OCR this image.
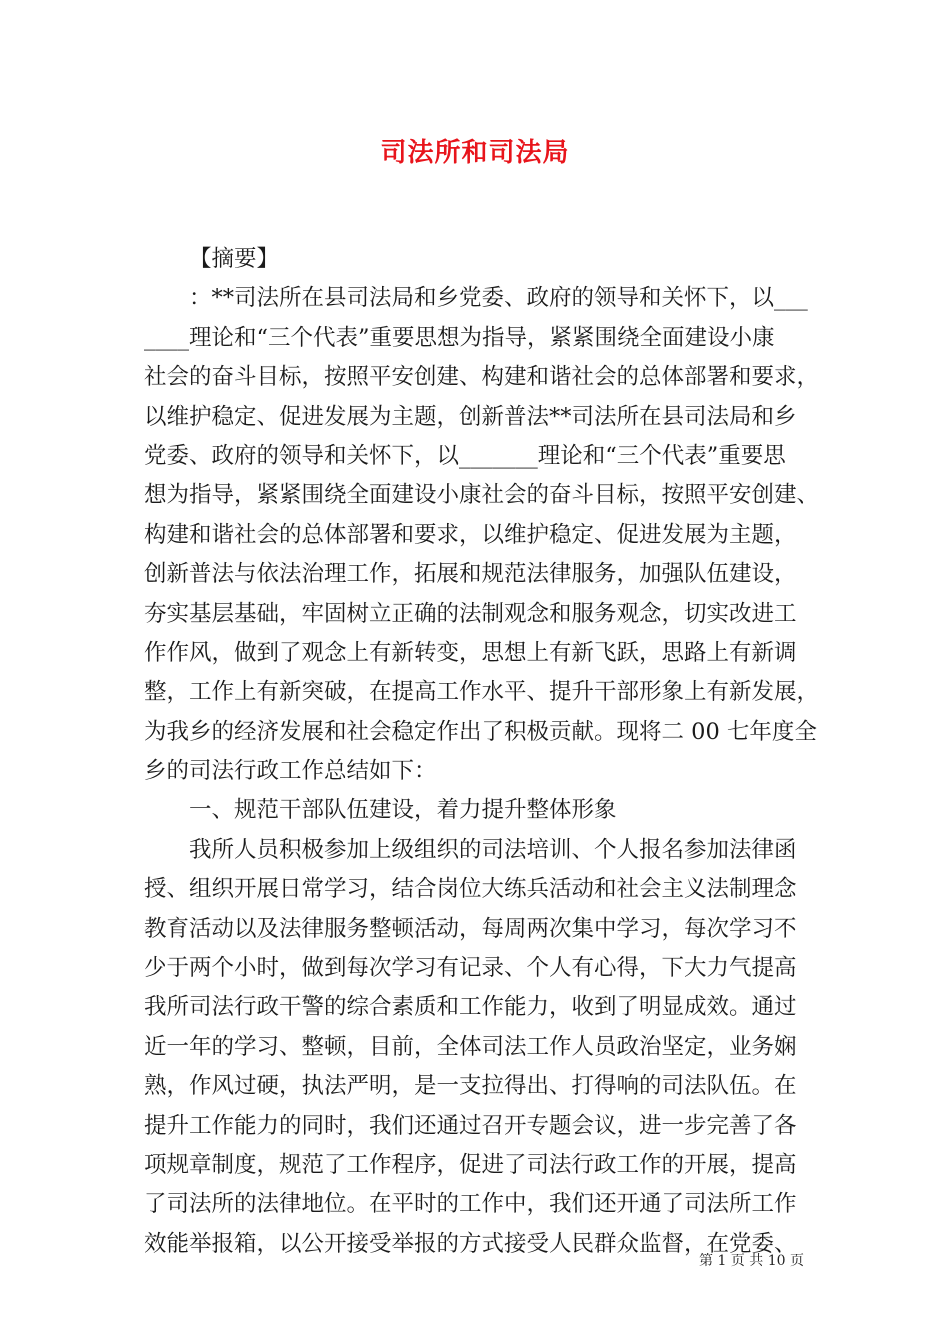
司法所和司法局
【摘要】
：**司法所在县司法局和乡党委、政府的领导和关怀下，以___
____理论和“三个代表”重要思想为指导，紧紧围绕全面建设小康
社会的奋斗目标，按照平安创建、构建和谐社会的总体部署和要求，
以维护稳定、促进发展为主题，创新普法**司法所在县司法局和乡
党委、政府的领导和关怀下，以_______理论和“三个代表”重要思
想为指导，紧紧围绕全面建设小康社会的奋斗目标，按照平安创建、
构建和谐社会的总体部署和要求，以维护稳定、促进发展为主题，
创新普法与依法治理工作，拓展和规范法律服务，加强队伍建设，
夯实基层基础，牢固树立正确的法制观念和服务观念，切实改进工
作作风，做到了观念上有新转变，思想上有新飞跃，思路上有新调
整，工作上有新突破，在提高工作水平、提升干部形象上有新发展，
为我乡的经济发展和社会稳定作出了积极贡献。现将二 00 七年度全
乡的司法行政工作总结如下：
一、规范干部队伍建设，着力提升整体形象
我所人员积极参加上级组织的司法培训、个人报名参加法律函
授、组织开展日常学习，结合岗位大练兵活动和社会主义法制理念
教育活动以及法律服务整顿活动，每周两次集中学习，每次学习不
少于两个小时，做到每次学习有记录、个人有心得，下大力气提高
我所司法行政干警的综合素质和工作能力，收到了明显成效。通过
近一年的学习、整顿，目前，全体司法工作人员政治坚定，业务娴
熟，作风过硬，执法严明，是一支拉得出、打得响的司法队伍。在
提升工作能力的同时，我们还通过召开专题会议，进一步完善了各
项规章制度，规范了工作程序，促进了司法行政工作的开展，提高
了司法所的法律地位。在平时的工作中，我们还开通了司法所工作
效能举报箱，以公开接受举报的方式接受人民群众监督，在党委、
第 1 页 共 10 页
